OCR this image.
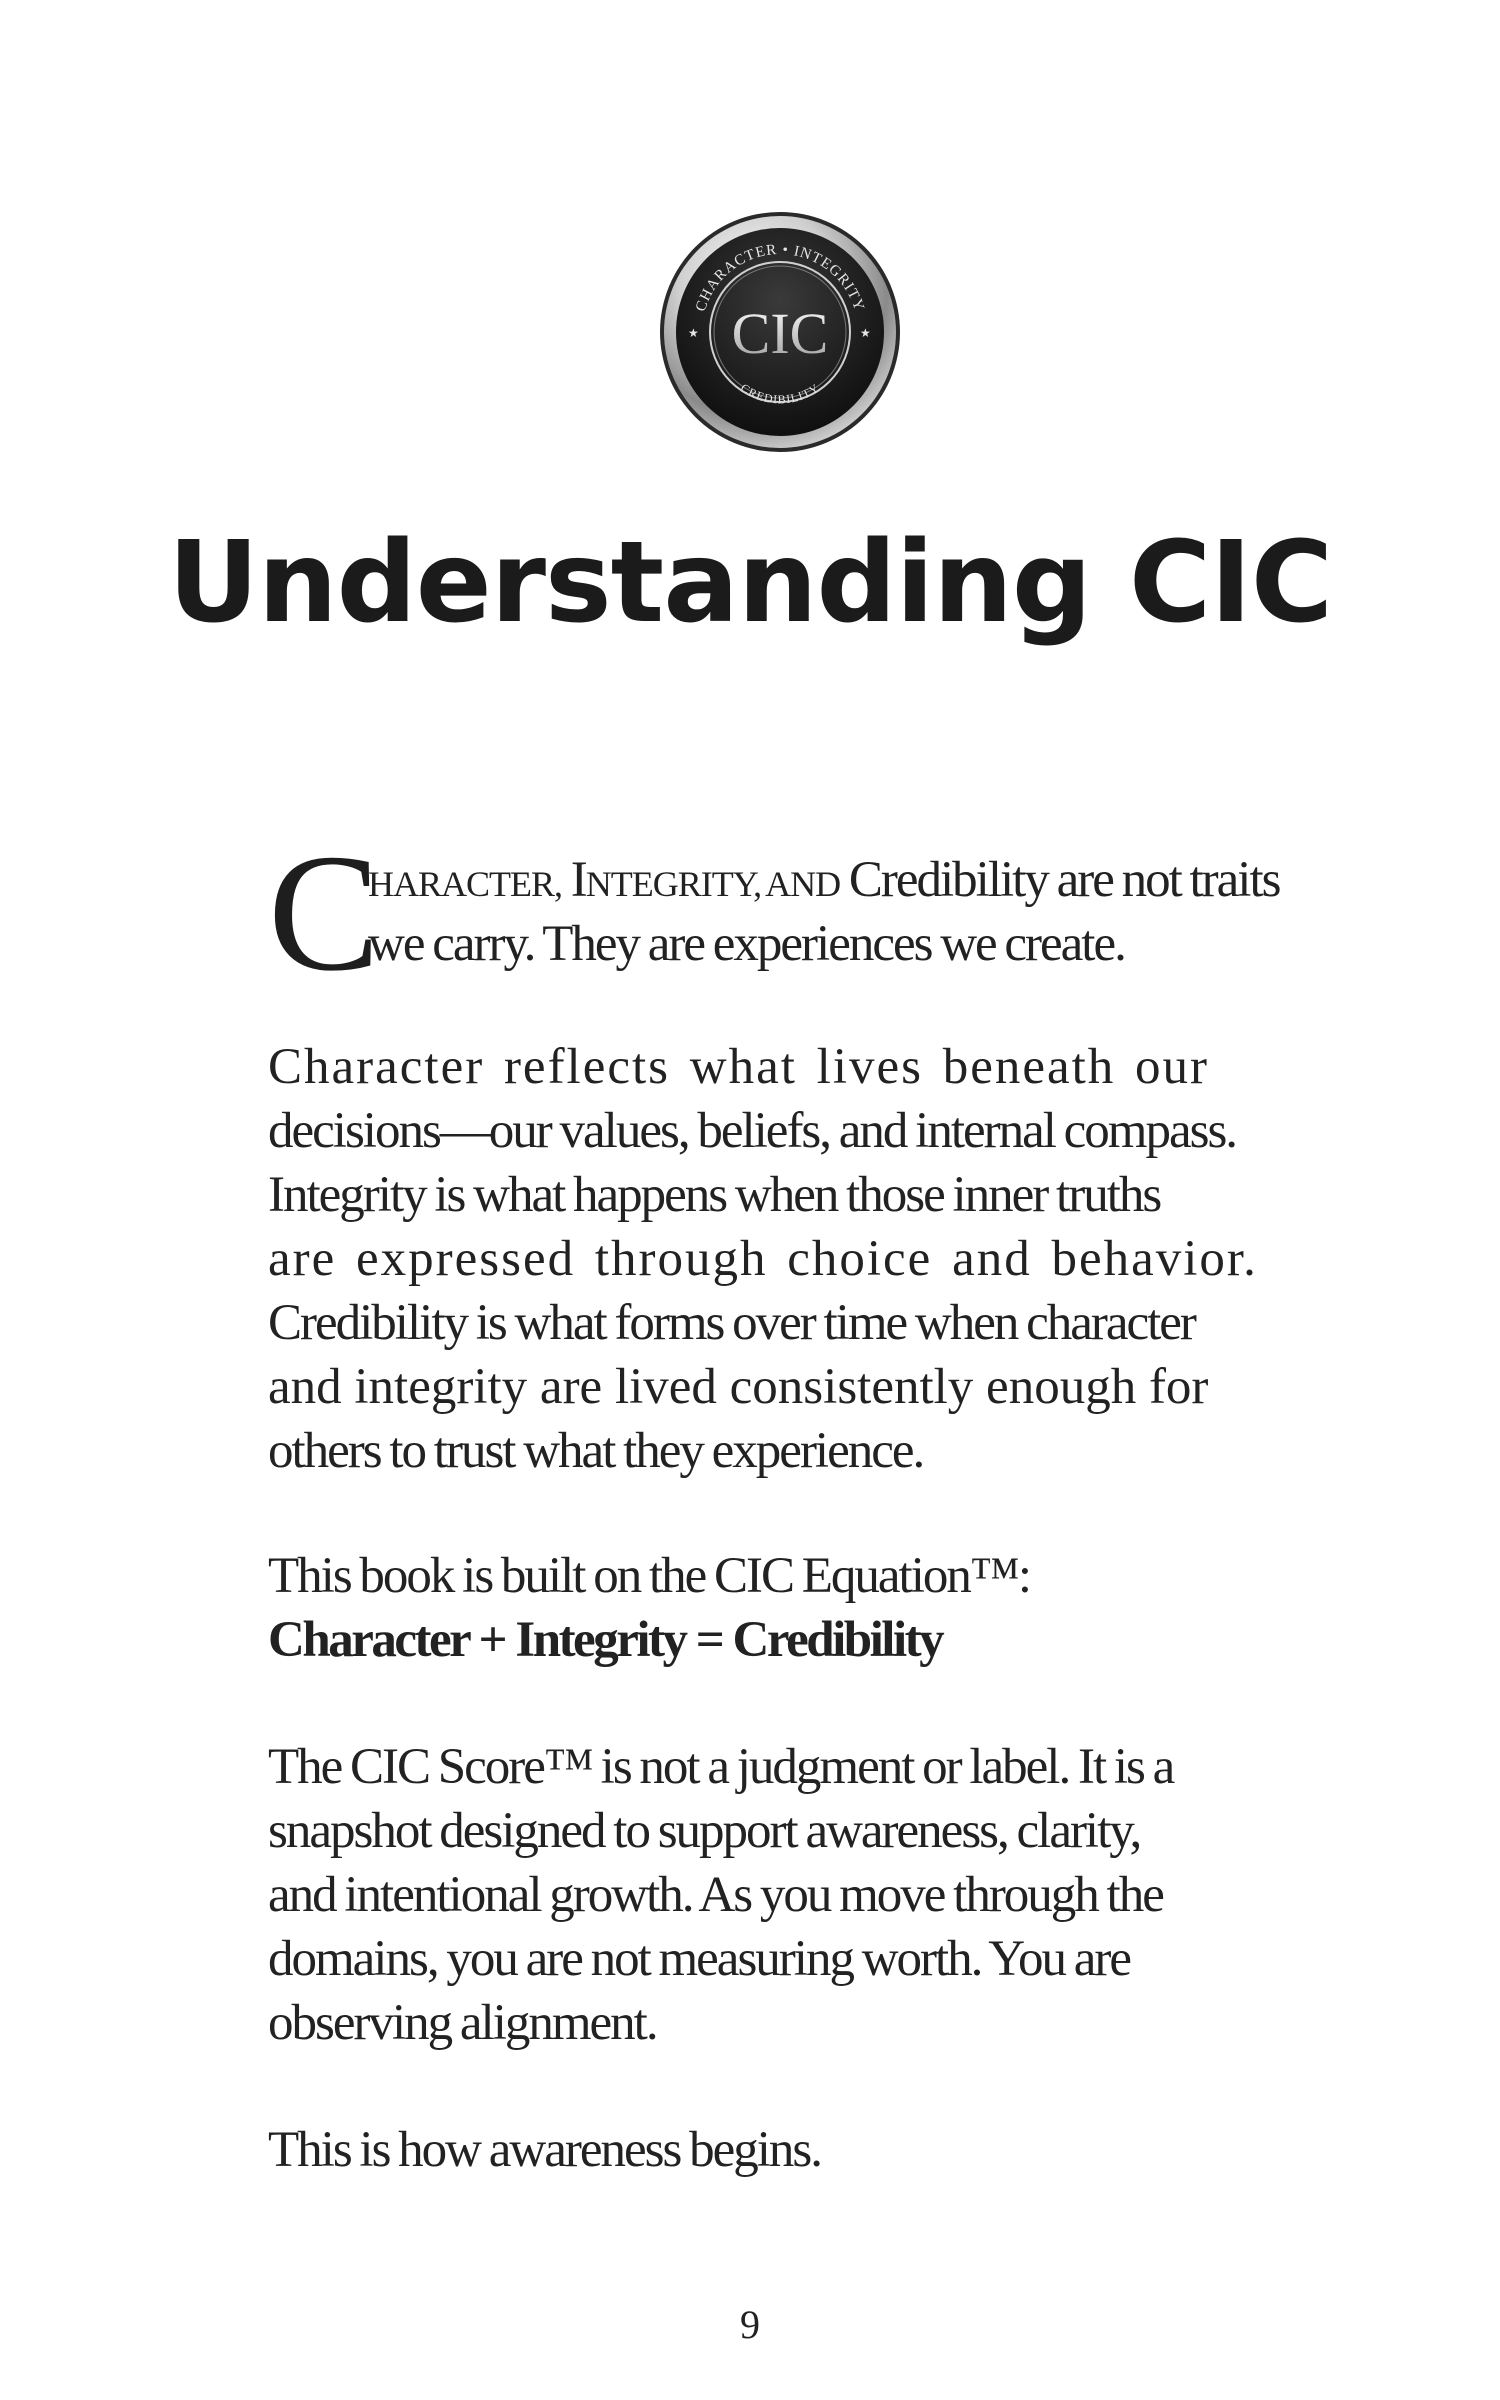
CHARACTER • INTEGRITY
CREDIBILITY
★	★
CIC
Understanding CIC
C
HARACTER, INTEGRITY, AND Credibility are not traits
we carry. They are experiences we create.
Character reflects what lives beneath our
decisions—our values, beliefs, and internal compass.
Integrity is what happens when those inner truths
are expressed through choice and behavior.
Credibility is what forms over time when character
and integrity are lived consistently enough for
others to trust what they experience.
This book is built on the CIC Equation™:
Character + Integrity = Credibility
The CIC Score™ is not a judgment or label. It is a
snapshot designed to support awareness, clarity,
and intentional growth. As you move through the
domains, you are not measuring worth. You are
observing alignment.
This is how awareness begins.
9
